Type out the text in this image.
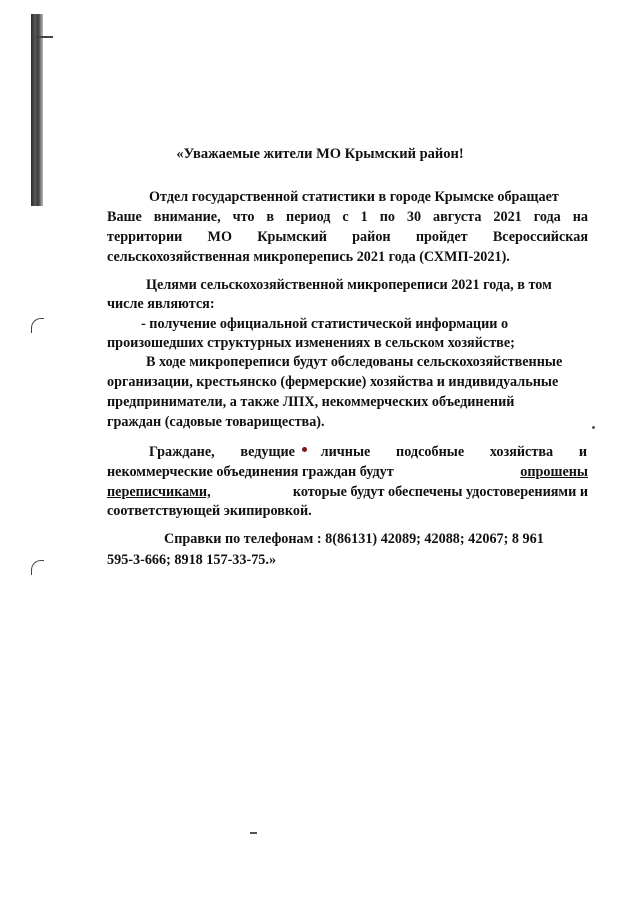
«Уважаемые жители МО Крымский район!
Отдел государственной статистики в городе Крымске обращает
Ваше внимание, что в период с 1 по 30 августа 2021 года на
территории МО Крымский район пройдет Всероссийская
сельскохозяйственная микроперепись 2021 года (СХМП-2021).
Целями сельскохозяйственной микропереписи 2021 года, в том
числе являются:
- получение официальной статистической информации о
произошедших структурных изменениях в сельском хозяйстве;
В ходе микропереписи будут обследованы сельскохозяйственные
организации, крестьянско (фермерские) хозяйства и индивидуальные
предприниматели, а также ЛПХ, некоммерческих объединений
граждан (садовые товарищества).
Граждане, ведущие личные подсобные хозяйства и
некоммерческие объединения граждан будут	опрошены
переписчиками,	которые будут обеспечены удостоверениями и
соответствующей экипировкой.
Справки по телефонам : 8(86131) 42089; 42088; 42067; 8 961
595-3-666; 8918 157-33-75.»
